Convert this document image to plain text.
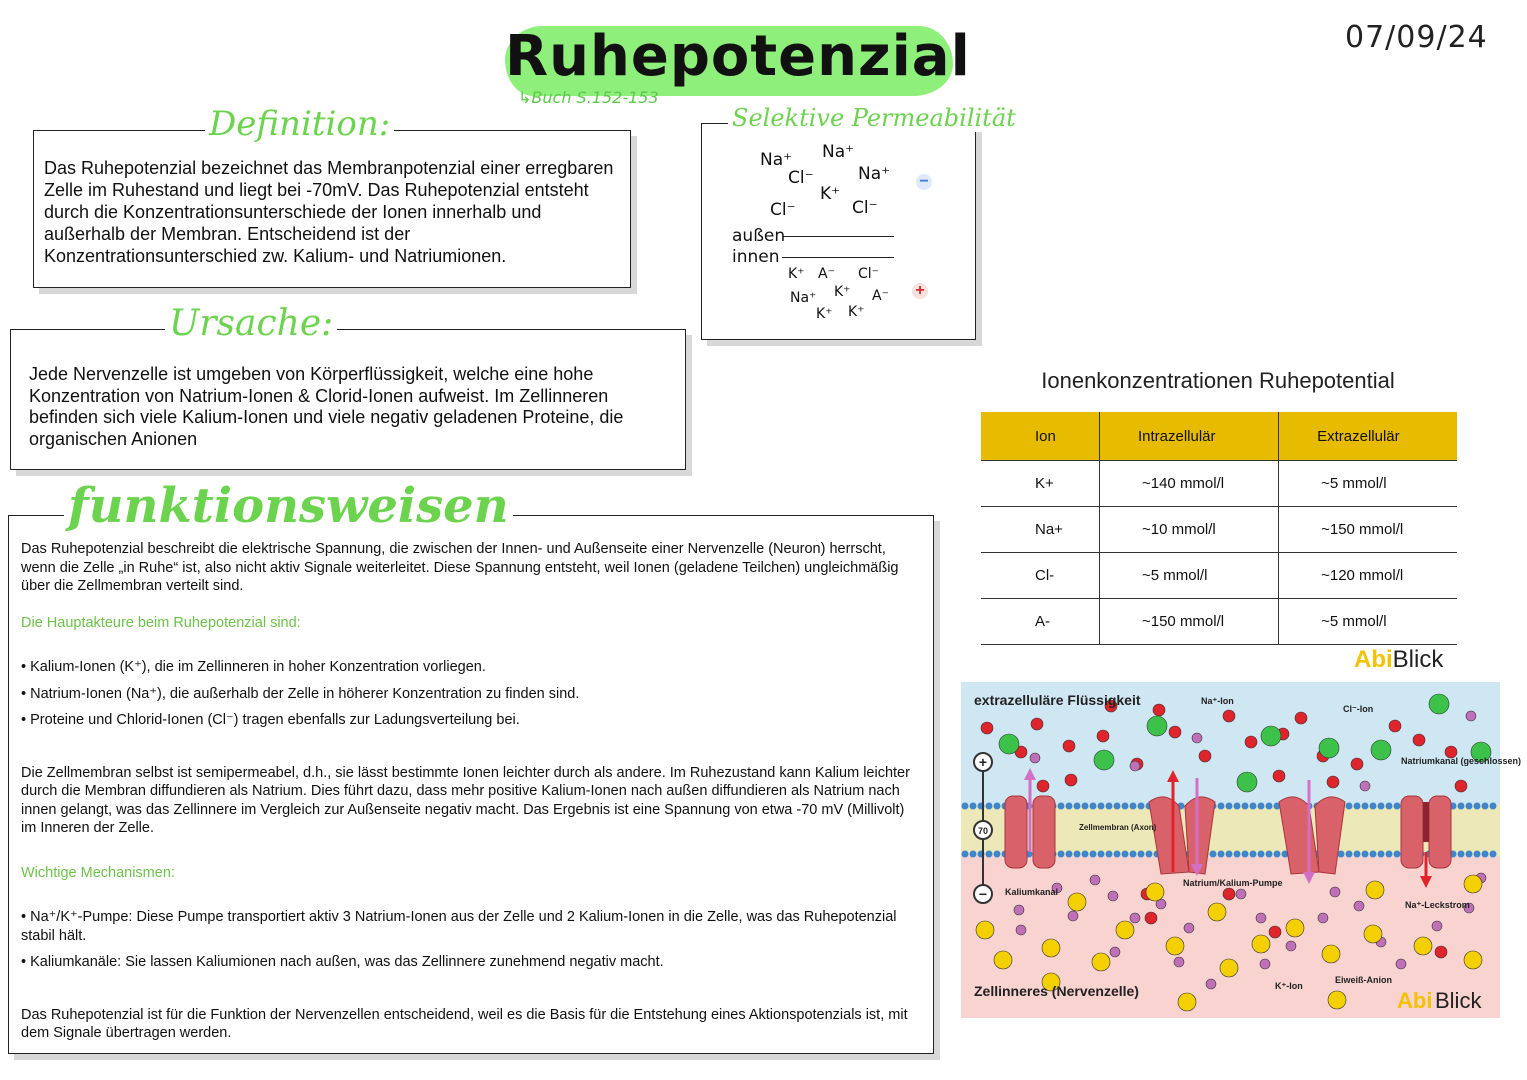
Ruhepotenzial
↳Buch S.152-153
07/09/24
Das Ruhepotenzial bezeichnet das Membranpotenzial einer erregbaren Zelle im Ruhestand und liegt bei -70mV. Das Ruhepotenzial entsteht durch die Konzentrationsunterschiede der Ionen innerhalb und außerhalb der Membran. Entscheidend ist der Konzentrationsunterschied zw. Kalium- und Natriumionen.
Definition:
Jede Nervenzelle ist umgeben von Körperflüssigkeit, welche eine hohe Konzentration von Natrium-Ionen & Clorid-Ionen aufweist. Im Zellinneren befinden sich viele Kalium-Ionen und viele negativ geladenen Proteine, die organischen Anionen
Ursache:

Das Ruhepotenzial beschreibt die elektrische Spannung, die zwischen der Innen- und Außenseite einer Nervenzelle (Neuron) herrscht, wenn die Zelle „in Ruhe“ ist, also nicht aktiv Signale weiterleitet. Diese Spannung entsteht, weil Ionen (geladene Teilchen) ungleichmäßig über die Zellmembran verteilt sind.

Die Hauptakteure beim Ruhepotenzial sind:

• Kalium-Ionen (K⁺), die im Zellinneren in hoher Konzentration vorliegen.

• Natrium-Ionen (Na⁺), die außerhalb der Zelle in höherer Konzentration zu finden sind.

• Proteine und Chlorid-Ionen (Cl⁻) tragen ebenfalls zur Ladungsverteilung bei.

Die Zellmembran selbst ist semipermeabel, d.h., sie lässt bestimmte Ionen leichter durch als andere. Im Ruhezustand kann Kalium leichter durch die Membran diffundieren als Natrium. Dies führt dazu, dass mehr positive Kalium-Ionen nach außen diffundieren als Natrium nach innen gelangt, was das Zellinnere im Vergleich zur Außenseite negativ macht. Das Ergebnis ist eine Spannung von etwa -70 mV (Millivolt) im Inneren der Zelle.

Wichtige Mechanismen:

• Na⁺/K⁺-Pumpe: Diese Pumpe transportiert aktiv 3 Natrium-Ionen aus der Zelle und 2 Kalium-Ionen in die Zelle, was das Ruhepotenzial stabil hält.

• Kaliumkanäle: Sie lassen Kaliumionen nach außen, was das Zellinnere zunehmend negativ macht.

Das Ruhepotenzial ist für die Funktion der Nervenzellen entscheidend, weil es die Basis für die Entstehung eines Aktionspotenzials ist, mit dem Signale übertragen werden.

funktionsweisen
Na⁺ Na⁺
Cl⁻	Na⁺
K⁺
Cl⁻	Cl⁻
−
außen
innen
K⁺ A⁻ Cl⁻
Na⁺ K⁺ A⁻
K⁺ K⁺
+
Selektive Permeabilität
Ionenkonzentrationen Ruhepotential
Ion	Intrazellulär	Extrazellulär
K+	~140 mmol/l	~5 mmol/l
Na+	~10 mmol/l	~150 mmol/l
Cl-	~5 mmol/l	~120 mmol/l
A-	~150 mmol/l	~5 mmol/l
AbiBlick
+
−
70
extrazelluläre Flüssigkeit
Zellinneres (Nervenzelle)
Na⁺-Ion
Cl⁻-Ion
Natriumkanal (geschlossen)
Zellmembran (Axon)
Kaliumkanal
Natrium/Kalium-Pumpe
Na⁺-Leckstrom
Eiweiß-Anion
K⁺-Ion
Abi Blick
